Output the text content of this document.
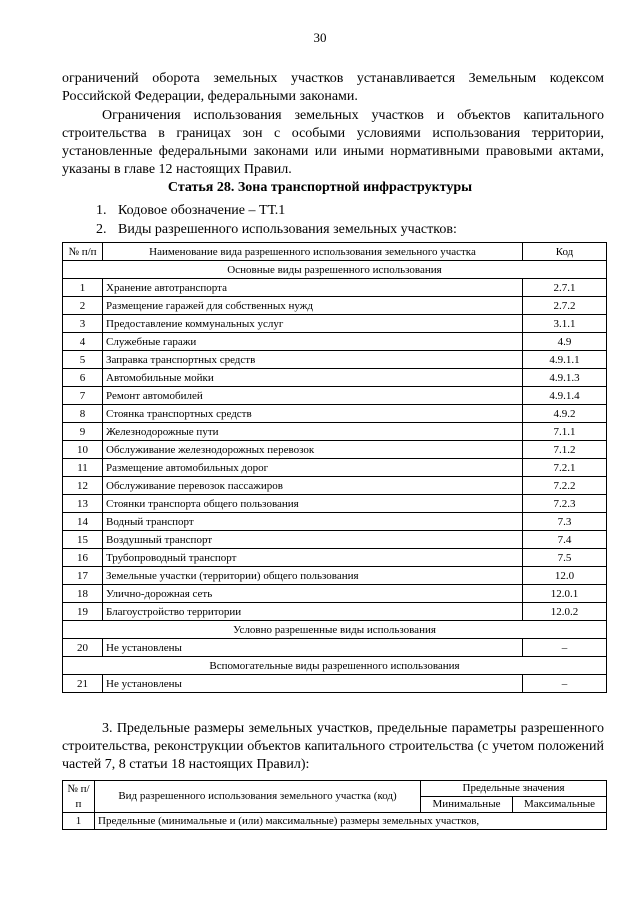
30
ограничений оборота земельных участков устанавливается Земельным кодексом Российской Федерации, федеральными законами.
Ограничения использования земельных участков и объектов капитального строительства в границах зон с особыми условиями использования территории, установленные федеральными законами или иными нормативными правовыми актами, указаны в главе 12 настоящих Правил.
Статья 28. Зона транспортной инфраструктуры
1. Кодовое обозначение – ТТ.1
2. Виды разрешенного использования земельных участков:
№ п/п	Наименование вида разрешенного использования земельного участка	Код
Основные виды разрешенного использования		
1	Хранение автотранспорта	2.7.1
2	Размещение гаражей для собственных нужд	2.7.2
3	Предоставление коммунальных услуг	3.1.1
4	Служебные гаражи	4.9
5	Заправка транспортных средств	4.9.1.1
6	Автомобильные мойки	4.9.1.3
7	Ремонт автомобилей	4.9.1.4
8	Стоянка транспортных средств	4.9.2
9	Железнодорожные пути	7.1.1
10	Обслуживание железнодорожных перевозок	7.1.2
11	Размещение автомобильных дорог	7.2.1
12	Обслуживание перевозок пассажиров	7.2.2
13	Стоянки транспорта общего пользования	7.2.3
14	Водный транспорт	7.3
15	Воздушный транспорт	7.4
16	Трубопроводный транспорт	7.5
17	Земельные участки (территории) общего пользования	12.0
18	Улично-дорожная сеть	12.0.1
19	Благоустройство территории	12.0.2
Условно разрешенные виды использования		
20	Не установлены	–
Вспомогательные виды разрешенного использования		
21	Не установлены	–
3. Предельные размеры земельных участков, предельные параметры разрешенного строительства, реконструкции объектов капитального строительства (с учетом положений частей 7, 8 статьи 18 настоящих Правил):
№ п/п	Вид разрешенного использования земельного участка (код)	Предельные значения	
		Минимальные	Максимальные
1	Предельные (минимальные и (или) максимальные) размеры земельных участков,		
